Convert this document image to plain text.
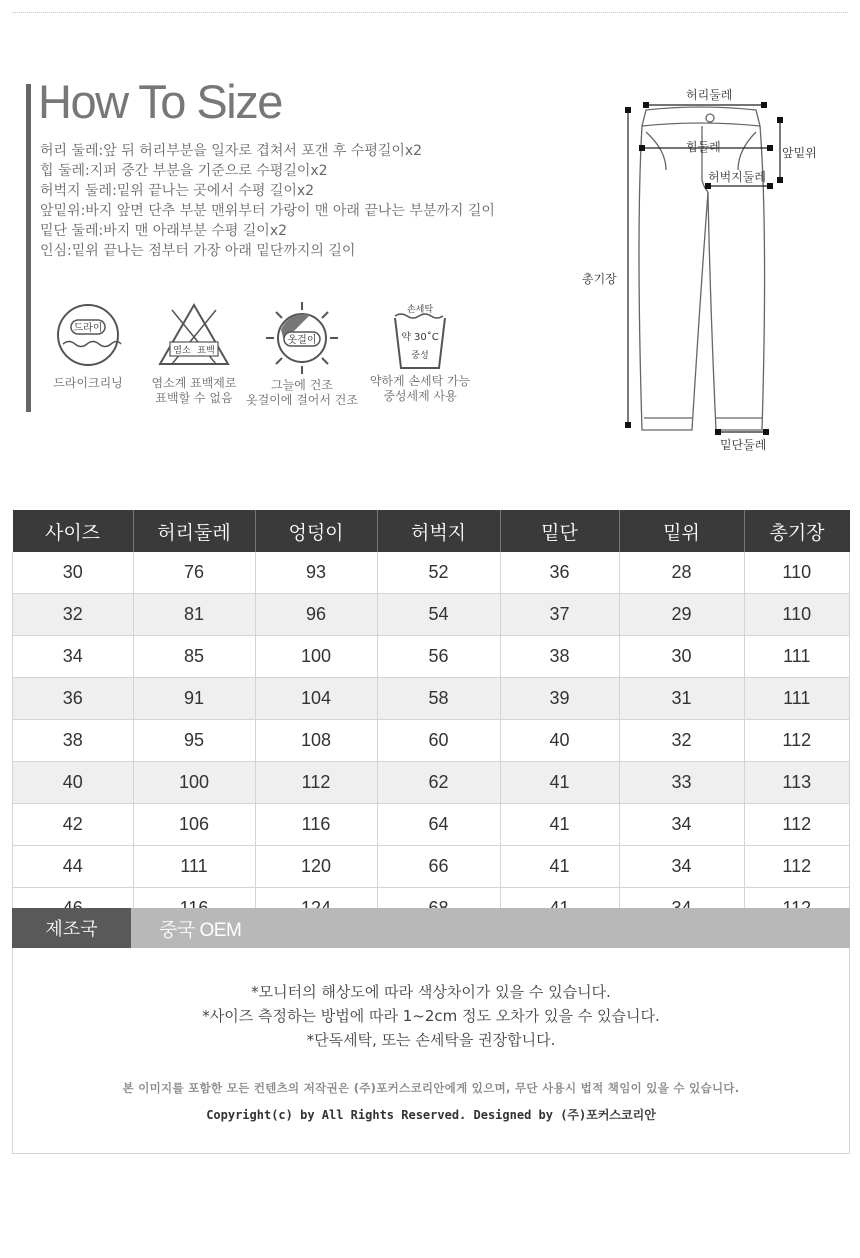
How To Size
허리 둘레:앞 뒤 허리부분을 일자로 겹쳐서 포갠 후 수평길이x2
힙 둘레:지퍼 중간 부분을 기준으로 수평길이x2
허벅지 둘레:밑위 끝나는 곳에서 수평 길이x2
앞밑위:바지 앞면 단추 부분 맨위부터 가랑이 맨 아래 끝나는 부분까지 길이
밑단 둘레:바지 맨 아래부분 수평 길이x2
인심:밑위 끝나는 점부터 가장 아래 밑단까지의 길이
드라이
드라이크리닝
염소 표백
염소계 표백제로
표백할 수 없음
옷걸이
그늘에 건조
옷걸이에 걸어서 건조
손세탁
약 30˚C
중성
약하게 손세탁 가능
중성세제 사용
허리둘레
힙둘레	앞밑위
허벅지둘레
총기장
밑단둘레
사이즈	허리둘레	엉덩이	허벅지	밑단	밑위	총기장
30	76	93	52	36	28	110
32	81	96	54	37	29	110
34	85	100	56	38	30	111
36	91	104	58	39	31	111
38	95	108	60	40	32	112
40	100	112	62	41	33	113
42	106	116	64	41	34	112
44	111	120	66	41	34	112

제조국	중국 OEM
*모니터의 해상도에 따라 색상차이가 있을 수 있습니다.
*사이즈 측정하는 방법에 따라 1~2cm 정도 오차가 있을 수 있습니다.
*단독세탁, 또는 손세탁을 권장합니다.
본 이미지를 포함한 모든 컨텐츠의 저작권은 (주)포커스코리안에게 있으며, 무단 사용시 법적 책임이 있을 수 있습니다.
Copyright(c) by All Rights Reserved. Designed by (주)포커스코리안
